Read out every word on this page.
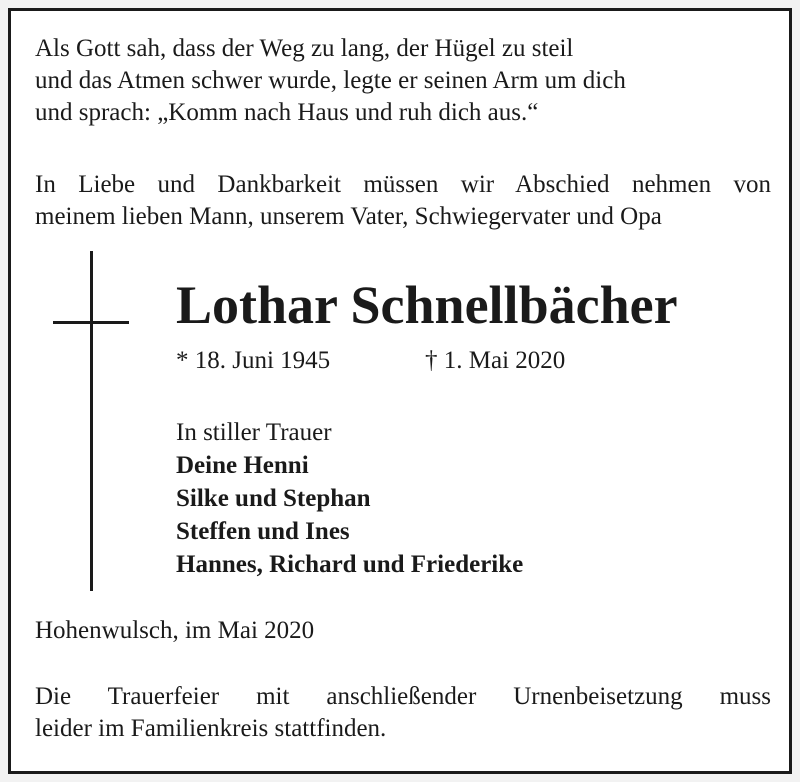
Als Gott sah, dass der Weg zu lang, der Hügel zu steil
und das Atmen schwer wurde, legte er seinen Arm um dich
und sprach: „Komm nach Haus und ruh dich aus.“
In Liebe und Dankbarkeit müssen wir Abschied nehmen von
meinem lieben Mann, unserem Vater, Schwiegervater und Opa
Lothar Schnellbächer
* 18. Juni 1945	† 1. Mai 2020
In stiller Trauer
Deine Henni
Silke und Stephan
Steffen und Ines
Hannes, Richard und Friederike
Hohenwulsch, im Mai 2020
Die Trauerfeier mit anschließender Urnenbeisetzung muss
leider im Familienkreis stattfinden.
